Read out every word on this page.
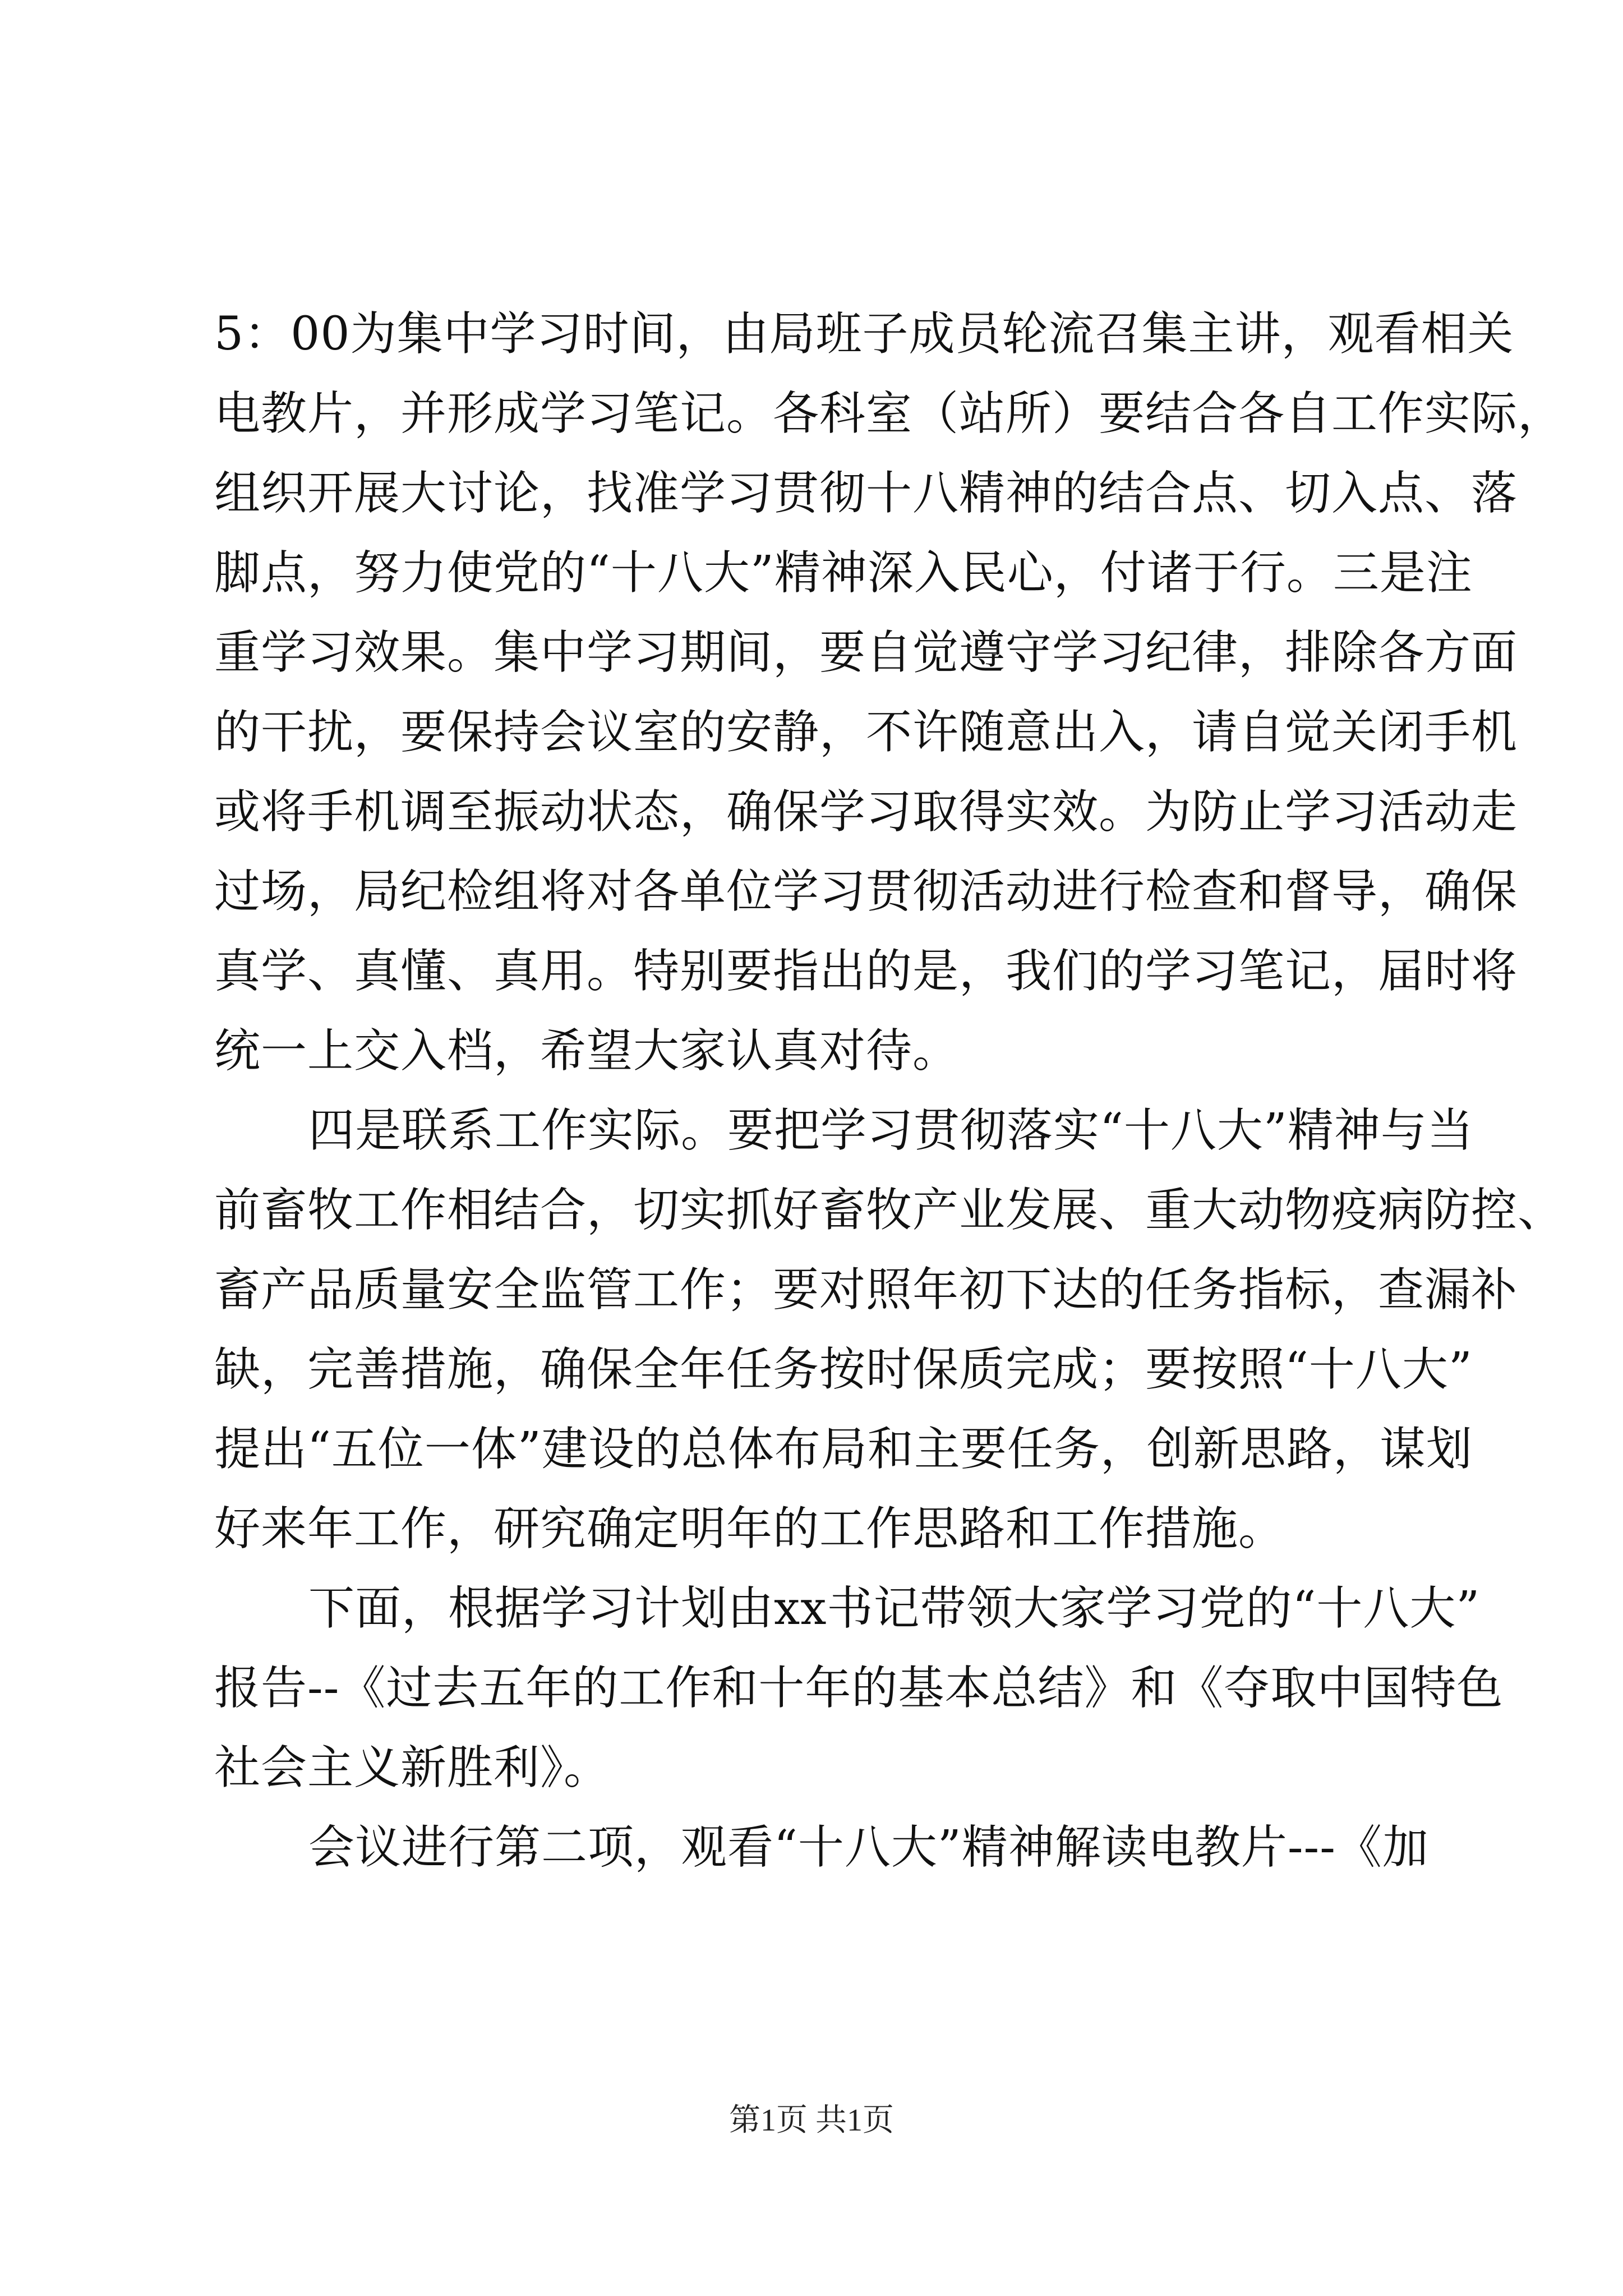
5：00为集中学习时间，由局班子成员轮流召集主讲，观看相关
电教片，并形成学习笔记。各科室（站所）要结合各自工作实际，
组织开展大讨论，找准学习贯彻十八精神的结合点、切入点、落
脚点，努力使党的“十八大”精神深入民心，付诸于行。三是注
重学习效果。集中学习期间，要自觉遵守学习纪律，排除各方面
的干扰，要保持会议室的安静，不许随意出入，请自觉关闭手机
或将手机调至振动状态，确保学习取得实效。为防止学习活动走
过场，局纪检组将对各单位学习贯彻活动进行检查和督导，确保
真学、真懂、真用。特别要指出的是，我们的学习笔记，届时将
统一上交入档，希望大家认真对待。
四是联系工作实际。要把学习贯彻落实“十八大”精神与当
前畜牧工作相结合，切实抓好畜牧产业发展、重大动物疫病防控、
畜产品质量安全监管工作；要对照年初下达的任务指标，查漏补
缺，完善措施，确保全年任务按时保质完成；要按照“十八大”
提出“五位一体”建设的总体布局和主要任务，创新思路，谋划
好来年工作，研究确定明年的工作思路和工作措施。
下面，根据学习计划由xx书记带领大家学习党的“十八大”
报告--《过去五年的工作和十年的基本总结》和《夺取中国特色
社会主义新胜利》。
会议进行第二项，观看“十八大”精神解读电教片---《加
第1页 共1页
